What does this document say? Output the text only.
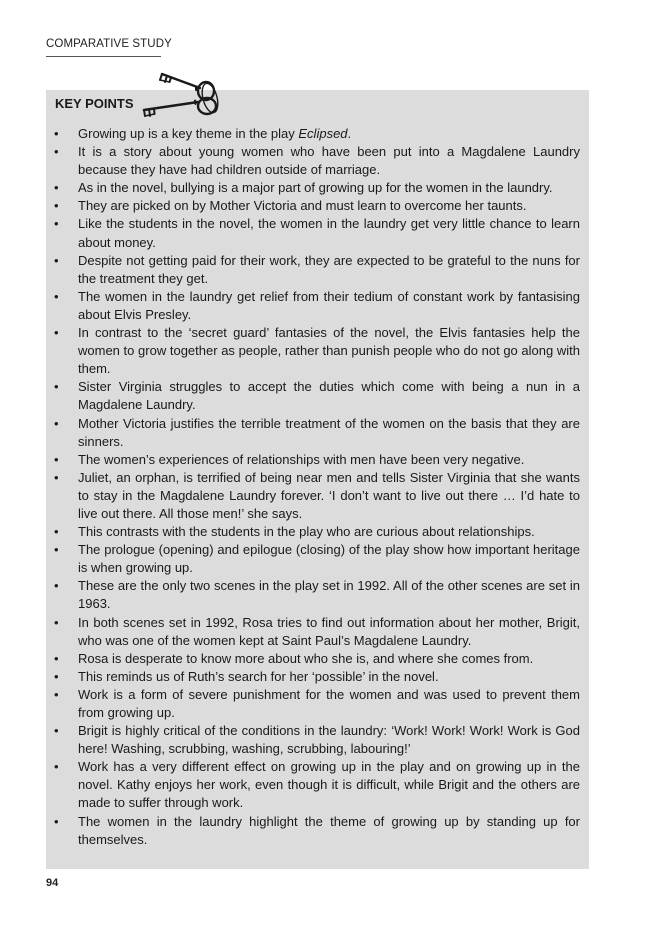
COMPARATIVE STUDY
KEY POINTS
• Growing up is a key theme in the play Eclipsed.
• It is a story about young women who have been put into a Magdalene Laundry because they have had children outside of marriage.
• As in the novel, bullying is a major part of growing up for the women in the laundry.
• They are picked on by Mother Victoria and must learn to overcome her taunts.
• Like the students in the novel, the women in the laundry get very little chance to learn about money.
• Despite not getting paid for their work, they are expected to be grateful to the nuns for the treatment they get.
• The women in the laundry get relief from their tedium of constant work by fantasising about Elvis Presley.
• In contrast to the ‘secret guard’ fantasies of the novel, the Elvis fantasies help the women to grow together as people, rather than punish people who do not go along with them.
• Sister Virginia struggles to accept the duties which come with being a nun in a Magdalene Laundry.
• Mother Victoria justifies the terrible treatment of the women on the basis that they are sinners.
• The women’s experiences of relationships with men have been very negative.
• Juliet, an orphan, is terrified of being near men and tells Sister Virginia that she wants to stay in the Magdalene Laundry forever. ‘I don’t want to live out there … I’d hate to live out there. All those men!’ she says.
• This contrasts with the students in the play who are curious about relationships.
• The prologue (opening) and epilogue (closing) of the play show how important heritage is when growing up.
• These are the only two scenes in the play set in 1992. All of the other scenes are set in 1963.
• In both scenes set in 1992, Rosa tries to find out information about her mother, Brigit, who was one of the women kept at Saint Paul’s Magdalene Laundry.
• Rosa is desperate to know more about who she is, and where she comes from.
• This reminds us of Ruth’s search for her ‘possible’ in the novel.
• Work is a form of severe punishment for the women and was used to prevent them from growing up.
• Brigit is highly critical of the conditions in the laundry: ‘Work! Work! Work! Work is God here! Washing, scrubbing, washing, scrubbing, labouring!’
• Work has a very different effect on growing up in the play and on growing up in the novel. Kathy enjoys her work, even though it is difficult, while Brigit and the others are made to suffer through work.
• The women in the laundry highlight the theme of growing up by standing up for themselves.
94
